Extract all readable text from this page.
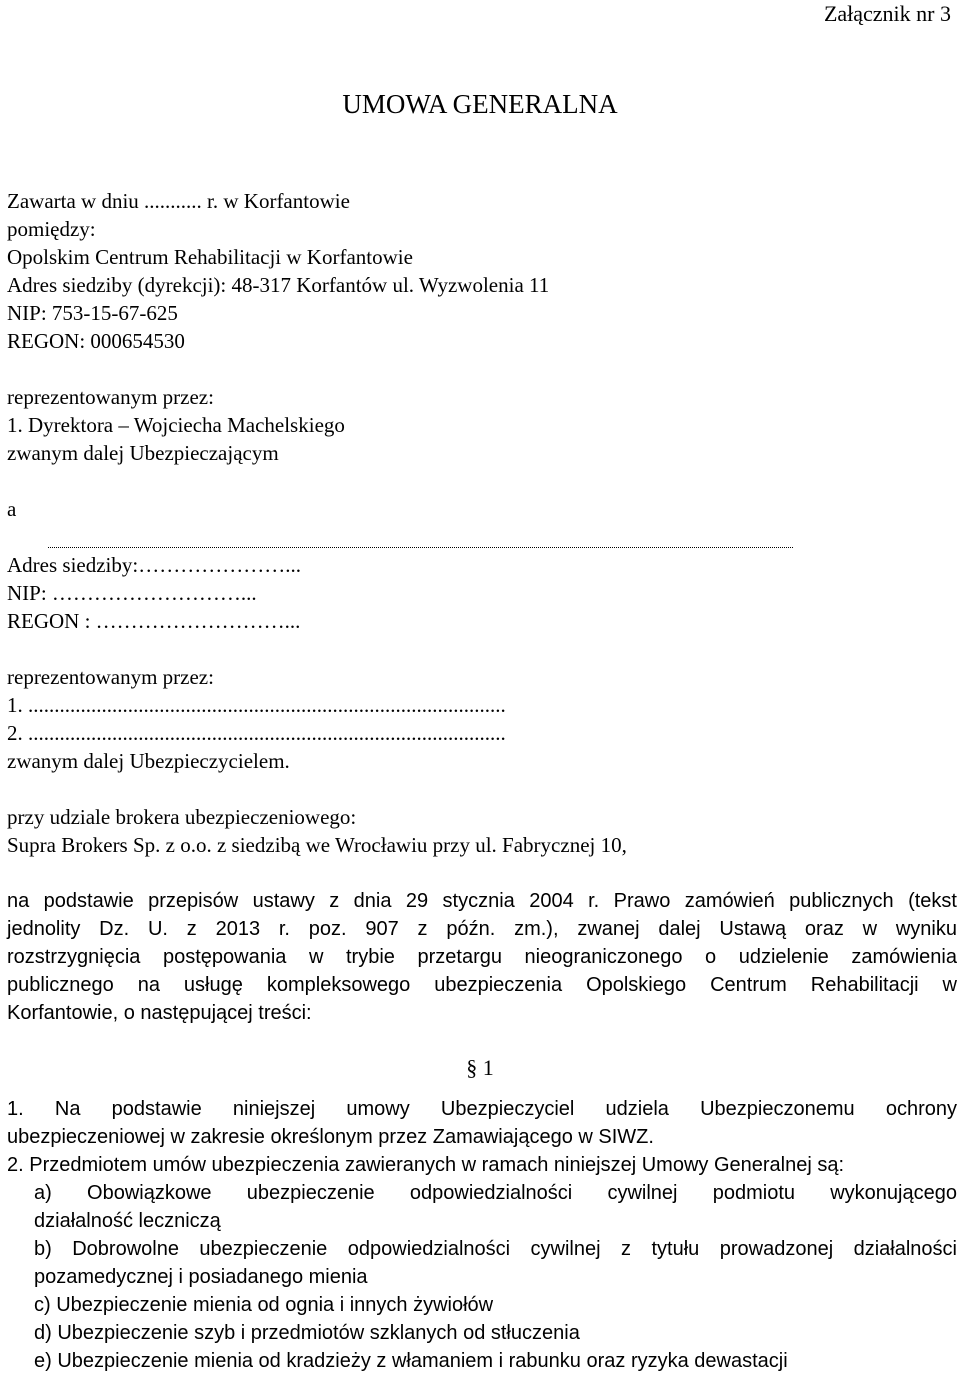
Załącznik nr 3
UMOWA GENERALNA
Zawarta w dniu ........... r. w Korfantowie
pomiędzy:
Opolskim Centrum Rehabilitacji w Korfantowie
Adres siedziby (dyrekcji): 48-317 Korfantów ul. Wyzwolenia 11
NIP: 753-15-67-625
REGON: 000654530
reprezentowanym przez:
1. Dyrektora – Wojciecha Machelskiego
zwanym dalej Ubezpieczającym
a
Adres siedziby:…………………...
NIP: ………………………...
REGON : ………………………...
reprezentowanym przez:
1. ...........................................................................................
2. ...........................................................................................
zwanym dalej Ubezpieczycielem.
przy udziale brokera ubezpieczeniowego:
Supra Brokers Sp. z o.o. z siedzibą we Wrocławiu przy ul. Fabrycznej 10,
na podstawie przepisów ustawy z dnia 29 stycznia 2004 r. Prawo zamówień publicznych (tekst
jednolity Dz. U. z 2013 r. poz. 907 z późn. zm.), zwanej dalej Ustawą oraz w wyniku
rozstrzygnięcia postępowania w trybie przetargu nieograniczonego o udzielenie zamówienia
publicznego na usługę kompleksowego ubezpieczenia Opolskiego Centrum Rehabilitacji w
Korfantowie, o następującej treści:
§ 1
1. Na podstawie niniejszej umowy Ubezpieczyciel udziela Ubezpieczonemu ochrony
ubezpieczeniowej w zakresie określonym przez Zamawiającego w SIWZ.
2. Przedmiotem umów ubezpieczenia zawieranych w ramach niniejszej Umowy Generalnej są:
a) Obowiązkowe ubezpieczenie odpowiedzialności cywilnej podmiotu wykonującego
działalność leczniczą
b) Dobrowolne ubezpieczenie odpowiedzialności cywilnej z tytułu prowadzonej działalności
pozamedycznej i posiadanego mienia
c) Ubezpieczenie mienia od ognia i innych żywiołów
d) Ubezpieczenie szyb i przedmiotów szklanych od stłuczenia
e) Ubezpieczenie mienia od kradzieży z włamaniem i rabunku oraz ryzyka dewastacji
